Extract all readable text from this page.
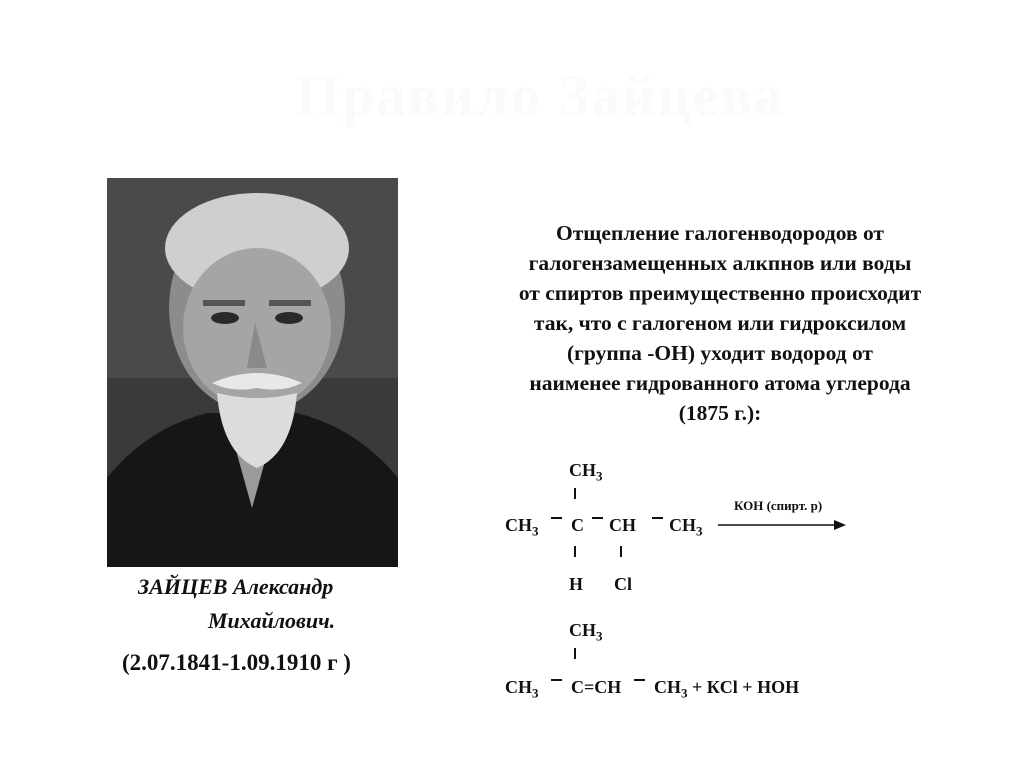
Правило Зайцева
ЗАЙЦЕВ Александр
Михайлович.
(2.07.1841-1.09.1910 г )
Отщепление галогенводородов от
галогензамещенных алкпнов или воды
от спиртов преимущественно происходит
так, что с галогеном или гидроксилом
(группа -ОН) уходит водород от
наименее гидрованного атома углерода
(1875 г.):
$CH_3$
$CH_3$ C CH $CH_3$
КОН (спирт. р)
H Cl
$CH_3$
$CH_3$ C=CH $CH_3$ + КCl + НОН
